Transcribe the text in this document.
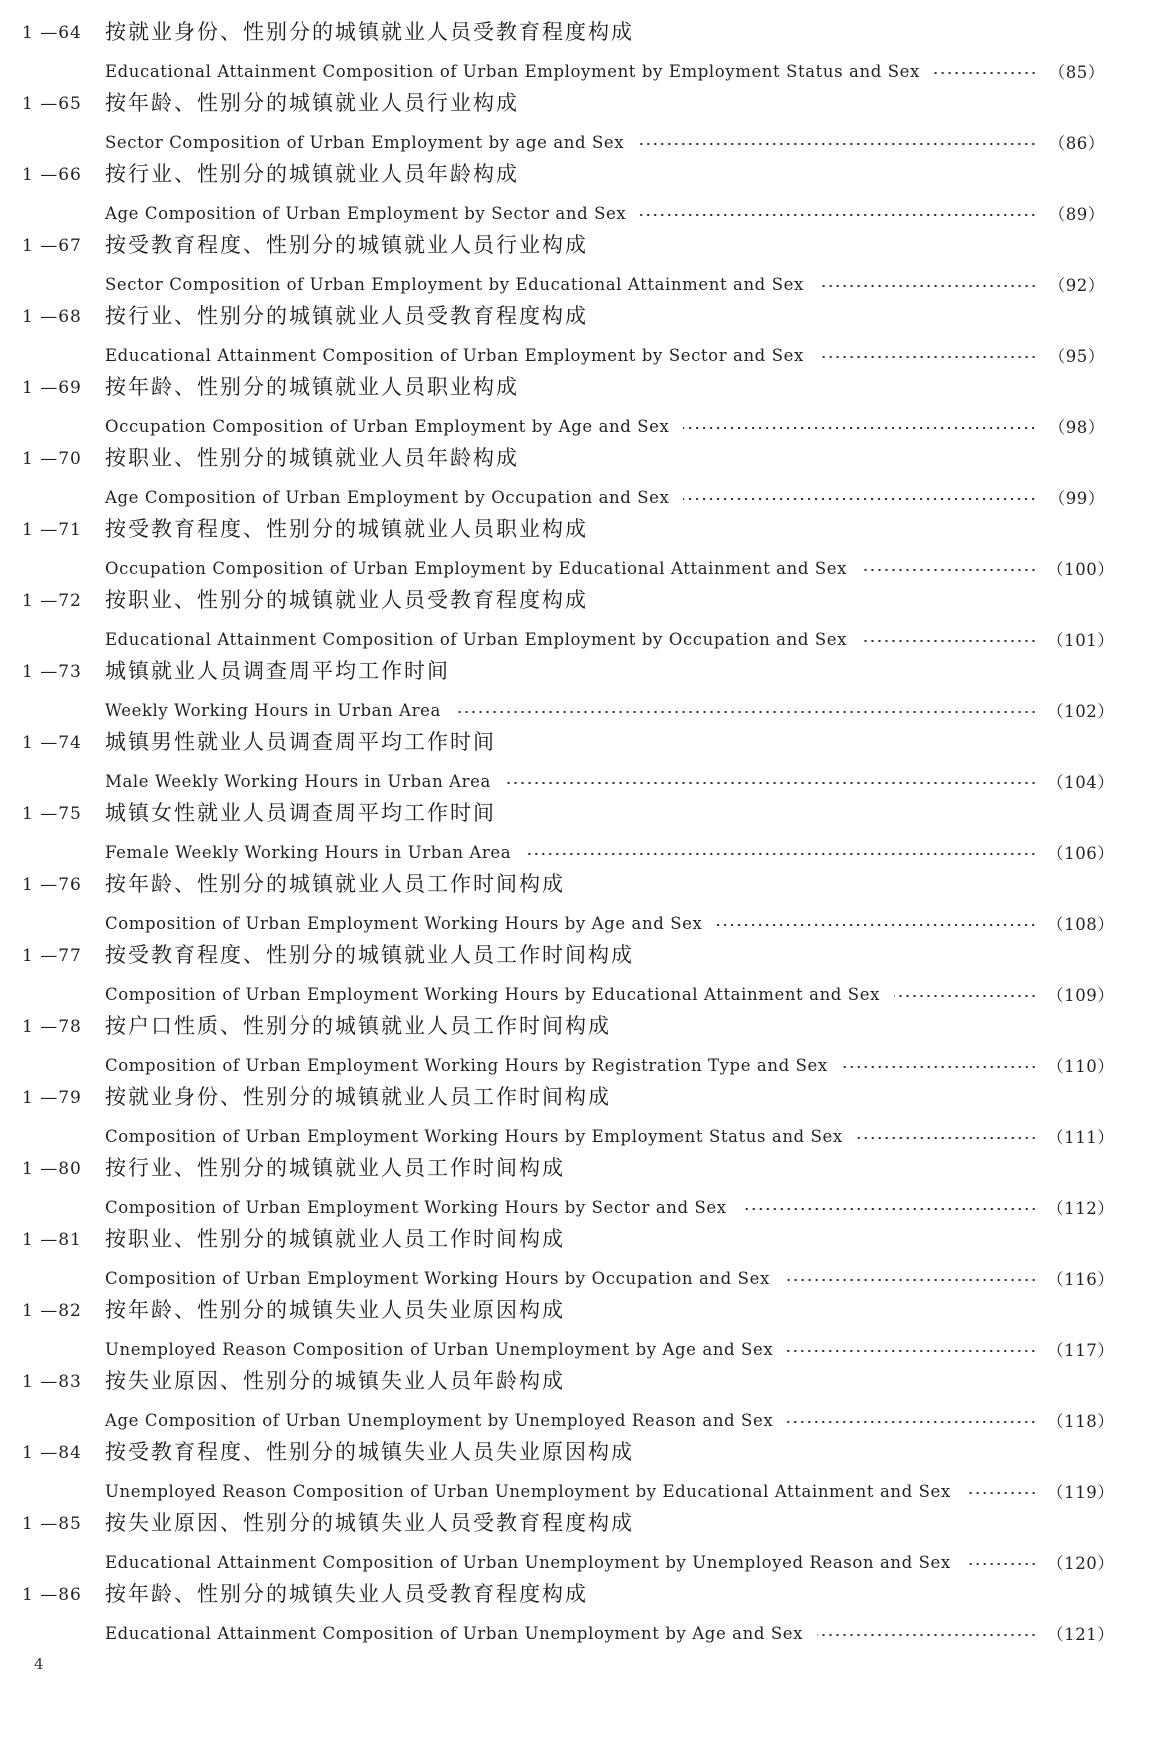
1 —64 按就业身份、性别分的城镇就业人员受教育程度构成
Educational Attainment Composition of Urban Employment by Employment Status and Sex	（85）
1 —65 按年龄、性别分的城镇就业人员行业构成
Sector Composition of Urban Employment by age and Sex	（86）
1 —66 按行业、性别分的城镇就业人员年龄构成
Age Composition of Urban Employment by Sector and Sex	（89）
1 —67 按受教育程度、性别分的城镇就业人员行业构成
Sector Composition of Urban Employment by Educational Attainment and Sex	（92）
1 —68 按行业、性别分的城镇就业人员受教育程度构成
Educational Attainment Composition of Urban Employment by Sector and Sex	（95）
1 —69 按年龄、性别分的城镇就业人员职业构成
Occupation Composition of Urban Employment by Age and Sex	（98）
1 —70 按职业、性别分的城镇就业人员年龄构成
Age Composition of Urban Employment by Occupation and Sex	（99）
1 —71 按受教育程度、性别分的城镇就业人员职业构成
Occupation Composition of Urban Employment by Educational Attainment and Sex	（100）
1 —72 按职业、性别分的城镇就业人员受教育程度构成
Educational Attainment Composition of Urban Employment by Occupation and Sex	（101）
1 —73 城镇就业人员调查周平均工作时间
Weekly Working Hours in Urban Area	（102）
1 —74 城镇男性就业人员调查周平均工作时间
Male Weekly Working Hours in Urban Area	（104）
1 —75 城镇女性就业人员调查周平均工作时间
Female Weekly Working Hours in Urban Area	（106）
1 —76 按年龄、性别分的城镇就业人员工作时间构成
Composition of Urban Employment Working Hours by Age and Sex	（108）
1 —77 按受教育程度、性别分的城镇就业人员工作时间构成
Composition of Urban Employment Working Hours by Educational Attainment and Sex	（109）
1 —78 按户口性质、性别分的城镇就业人员工作时间构成
Composition of Urban Employment Working Hours by Registration Type and Sex	（110）
1 —79 按就业身份、性别分的城镇就业人员工作时间构成
Composition of Urban Employment Working Hours by Employment Status and Sex	（111）
1 —80 按行业、性别分的城镇就业人员工作时间构成
Composition of Urban Employment Working Hours by Sector and Sex	（112）
1 —81 按职业、性别分的城镇就业人员工作时间构成
Composition of Urban Employment Working Hours by Occupation and Sex	（116）
1 —82 按年龄、性别分的城镇失业人员失业原因构成
Unemployed Reason Composition of Urban Unemployment by Age and Sex	（117）
1 —83 按失业原因、性别分的城镇失业人员年龄构成
Age Composition of Urban Unemployment by Unemployed Reason and Sex	（118）
1 —84 按受教育程度、性别分的城镇失业人员失业原因构成
Unemployed Reason Composition of Urban Unemployment by Educational Attainment and Sex	（119）
1 —85 按失业原因、性别分的城镇失业人员受教育程度构成
Educational Attainment Composition of Urban Unemployment by Unemployed Reason and Sex	（120）
1 —86 按年龄、性别分的城镇失业人员受教育程度构成
Educational Attainment Composition of Urban Unemployment by Age and Sex	（121）
4
